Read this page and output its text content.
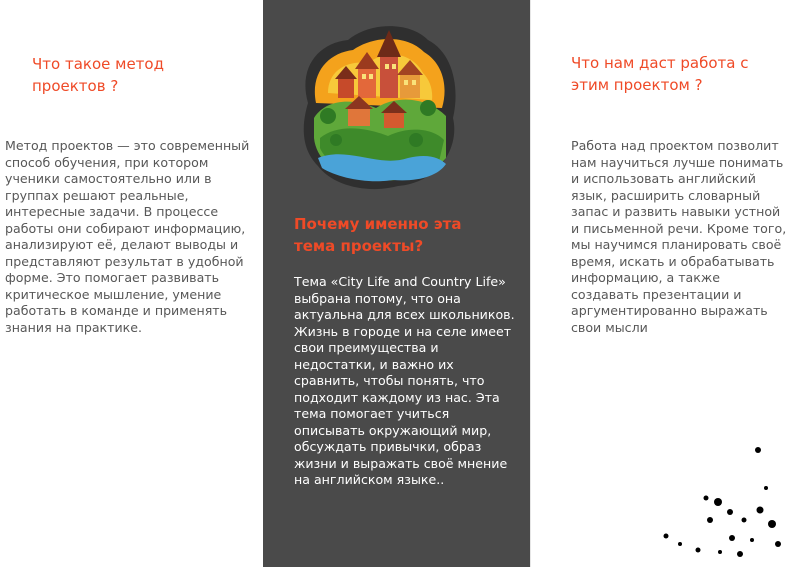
Что такое метод
проектов ?

Метод проектов — это современный способ обучения, при котором ученики самостоятельно или в группах решают реальные, интересные задачи. В процессе работы они собирают информацию, анализируют её, делают выводы и представляют результат в удобной форме. Это помогает развивать критическое мышление, умение работать в команде и применять знания на практике.

Почему именно эта
тема проекты?

Тема «City Life and Country Life» выбрана потому, что она актуальна для всех школьников. Жизнь в городе и на селе имеет свои преимущества и недостатки, и важно их сравнить, чтобы понять, что подходит каждому из нас. Эта тема помогает учиться описывать окружающий мир, обсуждать привычки, образ жизни и выражать своё мнение на английском языке..

Что нам даст работа с
этим проектом ?

Работа над проектом позволит нам научиться лучше понимать и использовать английский язык, расширить словарный запас и развить навыки устной и письменной речи. Кроме того, мы научимся планировать своё время, искать и обрабатывать информацию, а также создавать презентации и аргументированно выражать свои мысли
